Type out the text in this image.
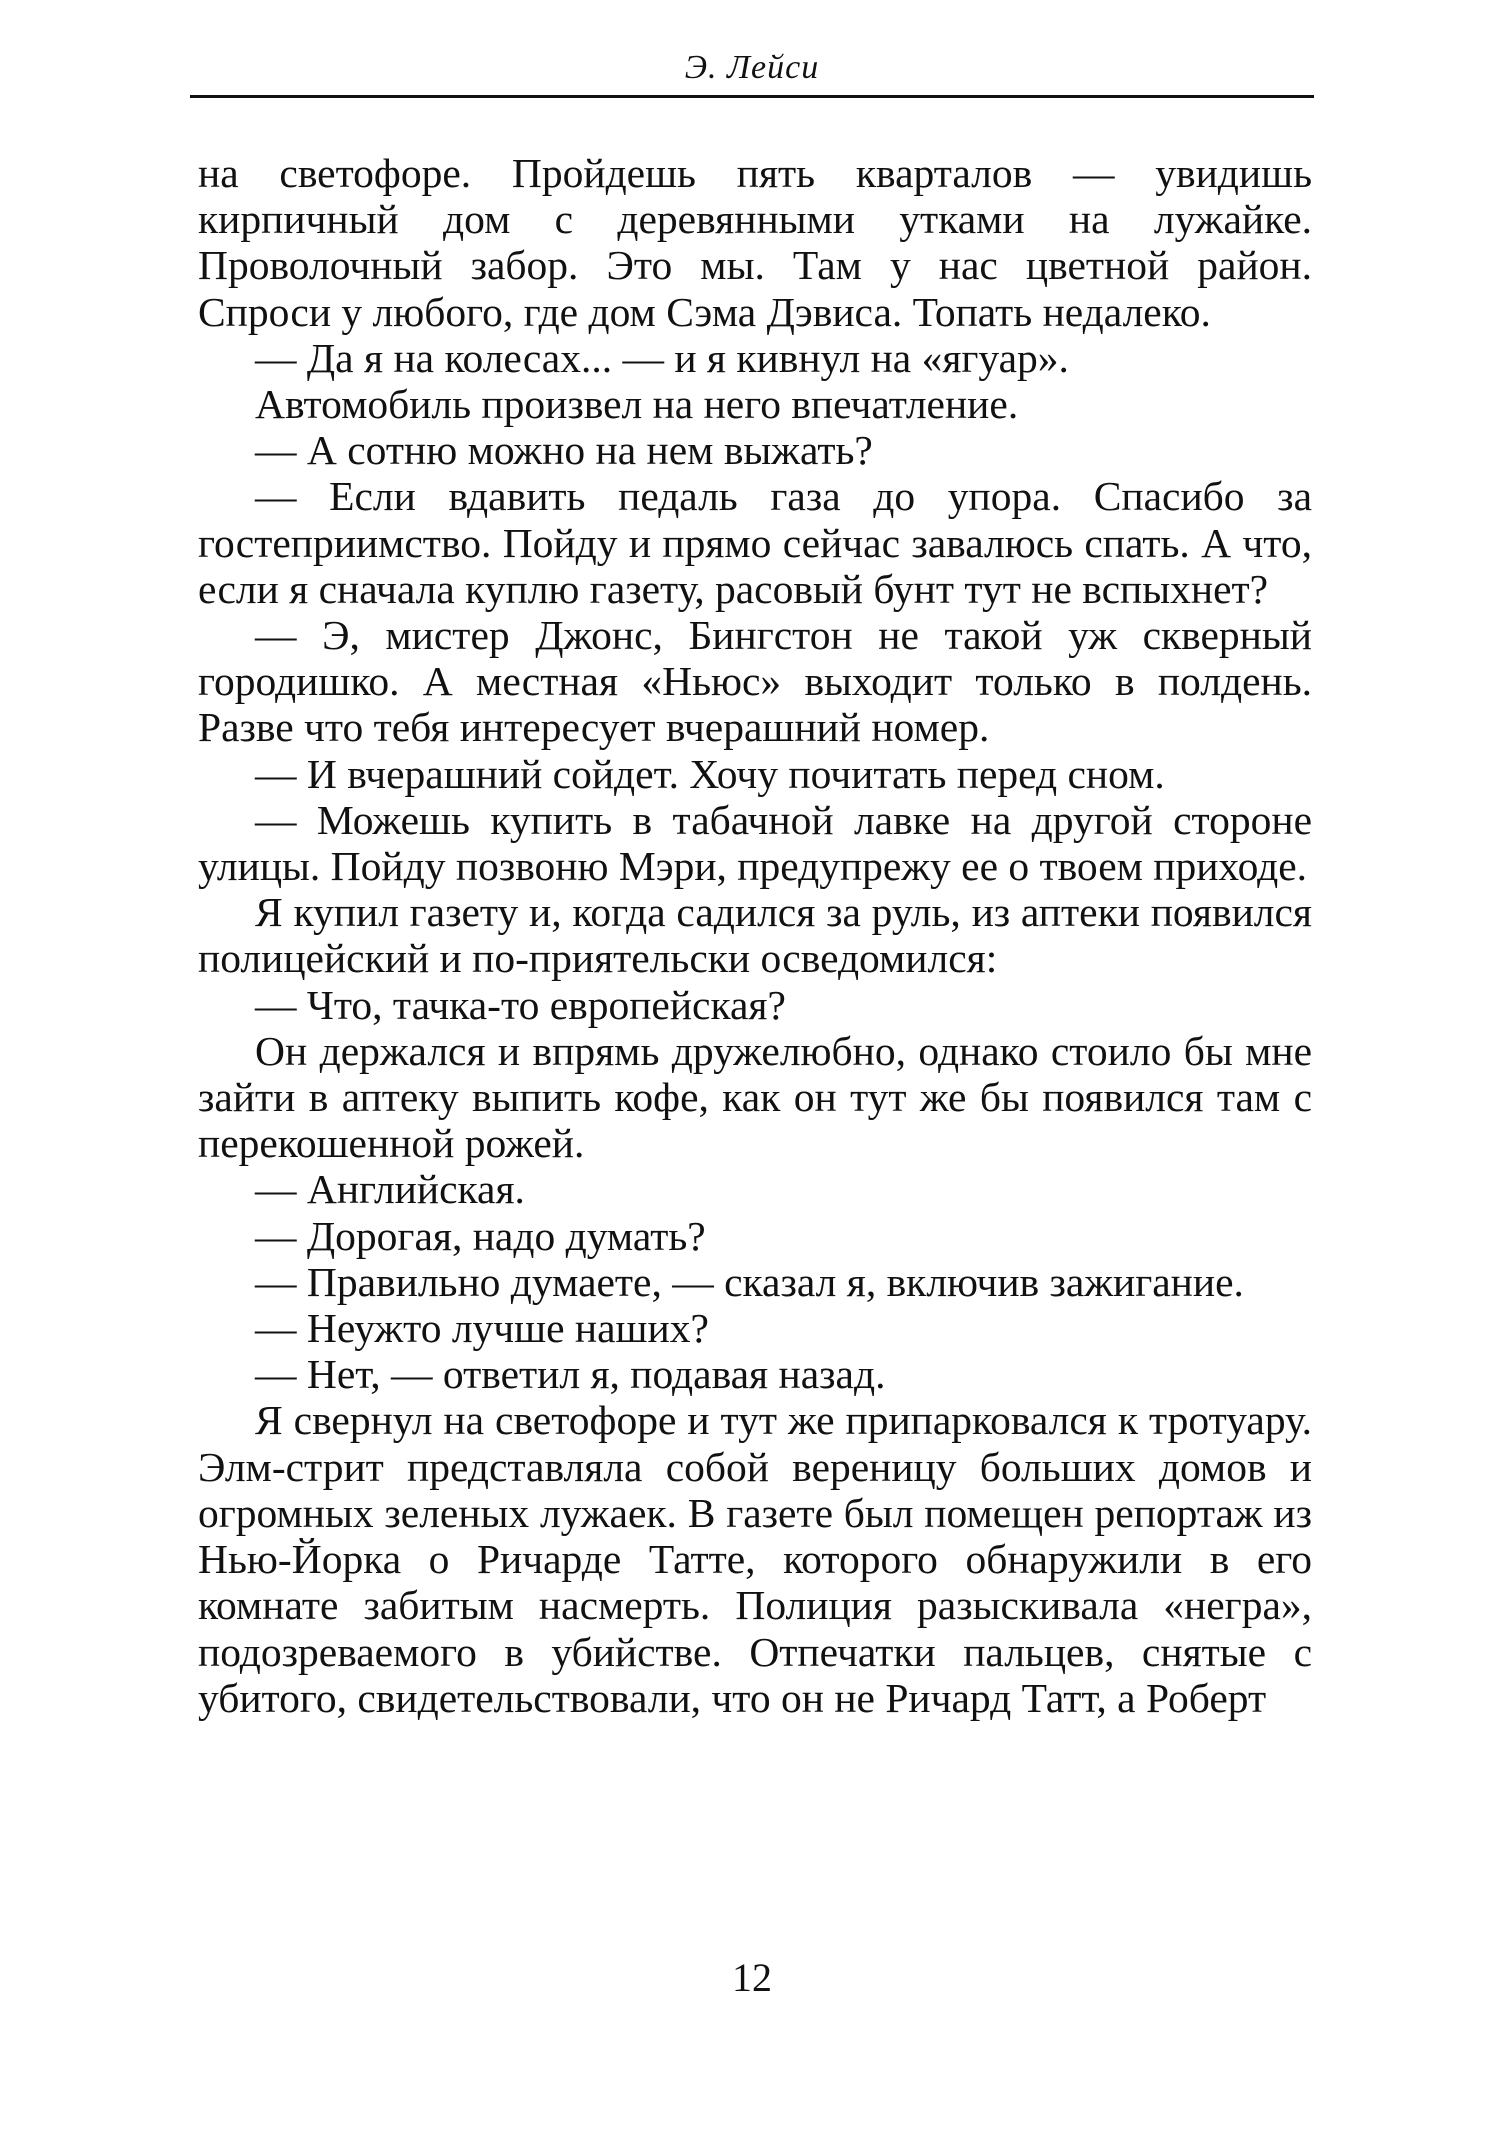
Э. Лейси

на светофоре. Пройдешь пять кварталов — увидишь кирпичный дом с деревянными утками на лужайке. Проволочный забор. Это мы. Там у нас цветной район. Спроси у любого, где дом Сэма Дэвиса. Топать недалеко.

— Да я на колесах... — и я кивнул на «ягуар».

Автомобиль произвел на него впечатление.

— А сотню можно на нем выжать?

— Если вдавить педаль газа до упора. Спасибо за гостеприимство. Пойду и прямо сейчас завалюсь спать. А что, если я сначала куплю газету, расовый бунт тут не вспыхнет?

— Э, мистер Джонс, Бингстон не такой уж скверный городишко. А местная «Ньюс» выходит только в полдень. Разве что тебя интересует вчерашний номер.

— И вчерашний сойдет. Хочу почитать перед сном.

— Можешь купить в табачной лавке на другой стороне улицы. Пойду позвоню Мэри, предупрежу ее о твоем приходе.

Я купил газету и, когда садился за руль, из аптеки появился полицейский и по-приятельски осведомился:

— Что, тачка-то европейская?

Он держался и впрямь дружелюбно, однако стоило бы мне зайти в аптеку выпить кофе, как он тут же бы появился там с перекошенной рожей.

— Английская.

— Дорогая, надо думать?

— Правильно думаете, — сказал я, включив зажигание.

— Неужто лучше наших?

— Нет, — ответил я, подавая назад.

Я свернул на светофоре и тут же припарковался к тротуару. Элм-стрит представляла собой вереницу больших домов и огромных зеленых лужаек. В газете был помещен репортаж из Нью-Йорка о Ричарде Татте, которого обнаружили в его комнате забитым насмерть. Полиция разыскивала «негра», подозреваемого в убийстве. Отпечатки пальцев, снятые с убитого, свидетельствовали, что он не Ричард Татт, а Роберт

12
